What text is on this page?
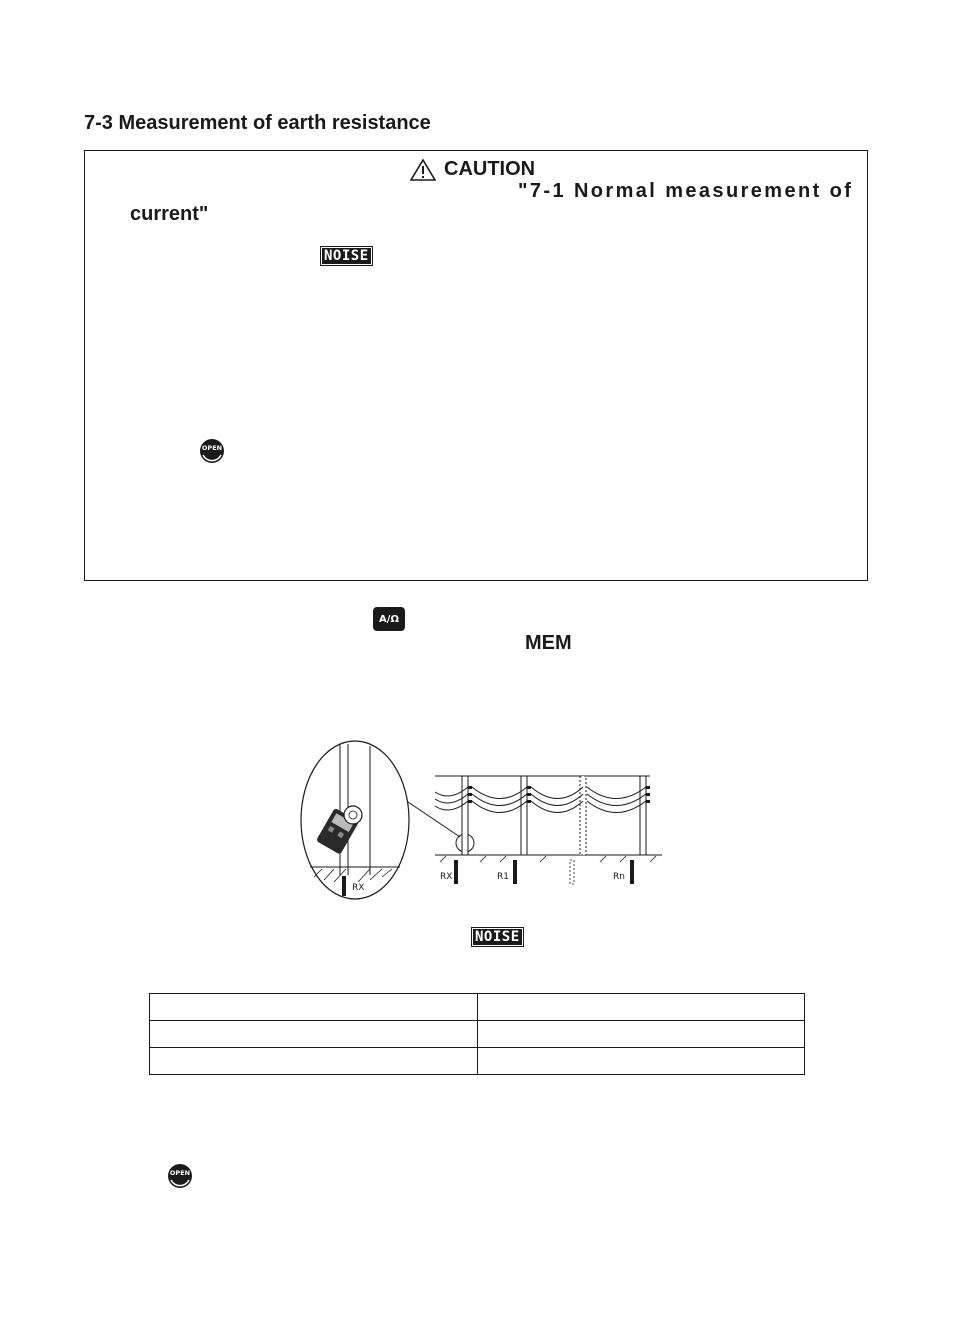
7-3 Measurement of earth resistance
CAUTION
"7-1 Normal measurement of
current"
NOISE
OPEN
A/Ω
MEM
RX
RX	R1	Rn
NOISE

OPEN
